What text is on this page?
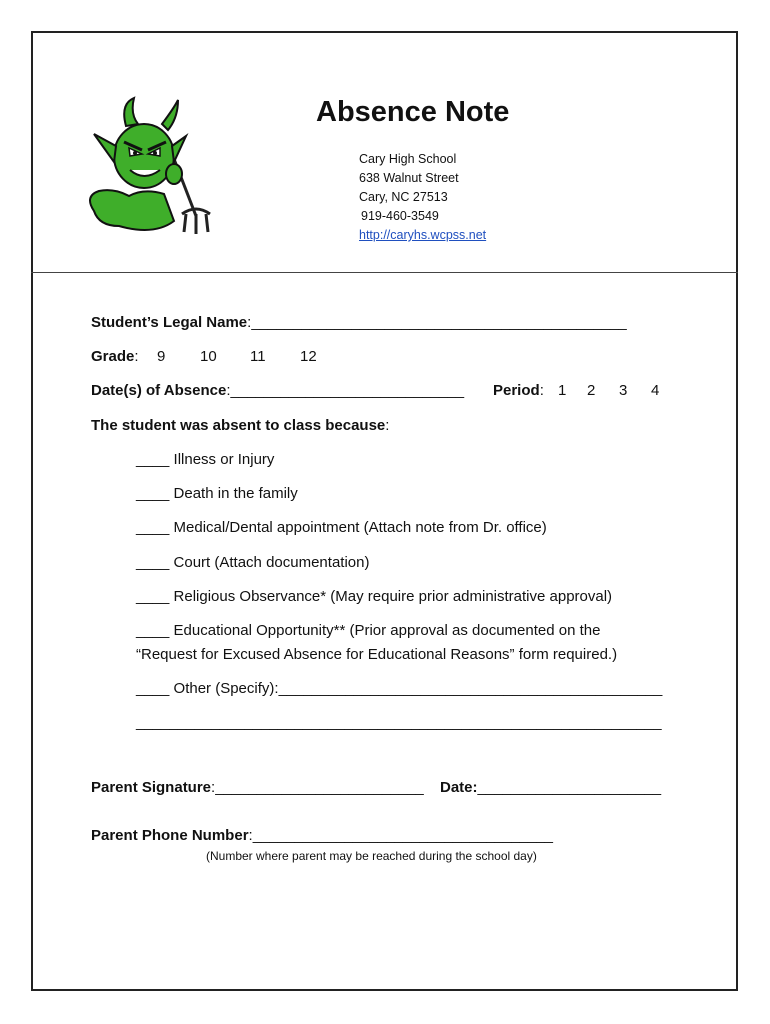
Absence Note
Cary High School
638 Walnut Street
Cary, NC 27513
919-460-3549
http://caryhs.wcpss.net
Student’s Legal Name:_____________________________________________
Grade: 9 10 11 12
Date(s) of Absence:____________________________ Period: 1 2 3 4
The student was absent to class because:
____ Illness or Injury
____ Death in the family
____ Medical/Dental appointment (Attach note from Dr. office)
____ Court (Attach documentation)
____ Religious Observance* (May require prior administrative approval)
____ Educational Opportunity** (Prior approval as documented on the
“Request for Excused Absence for Educational Reasons” form required.)
____ Other (Specify):______________________________________________
_______________________________________________________________
Parent Signature:_________________________ Date:______________________
Parent Phone Number:____________________________________
(Number where parent may be reached during the school day)
